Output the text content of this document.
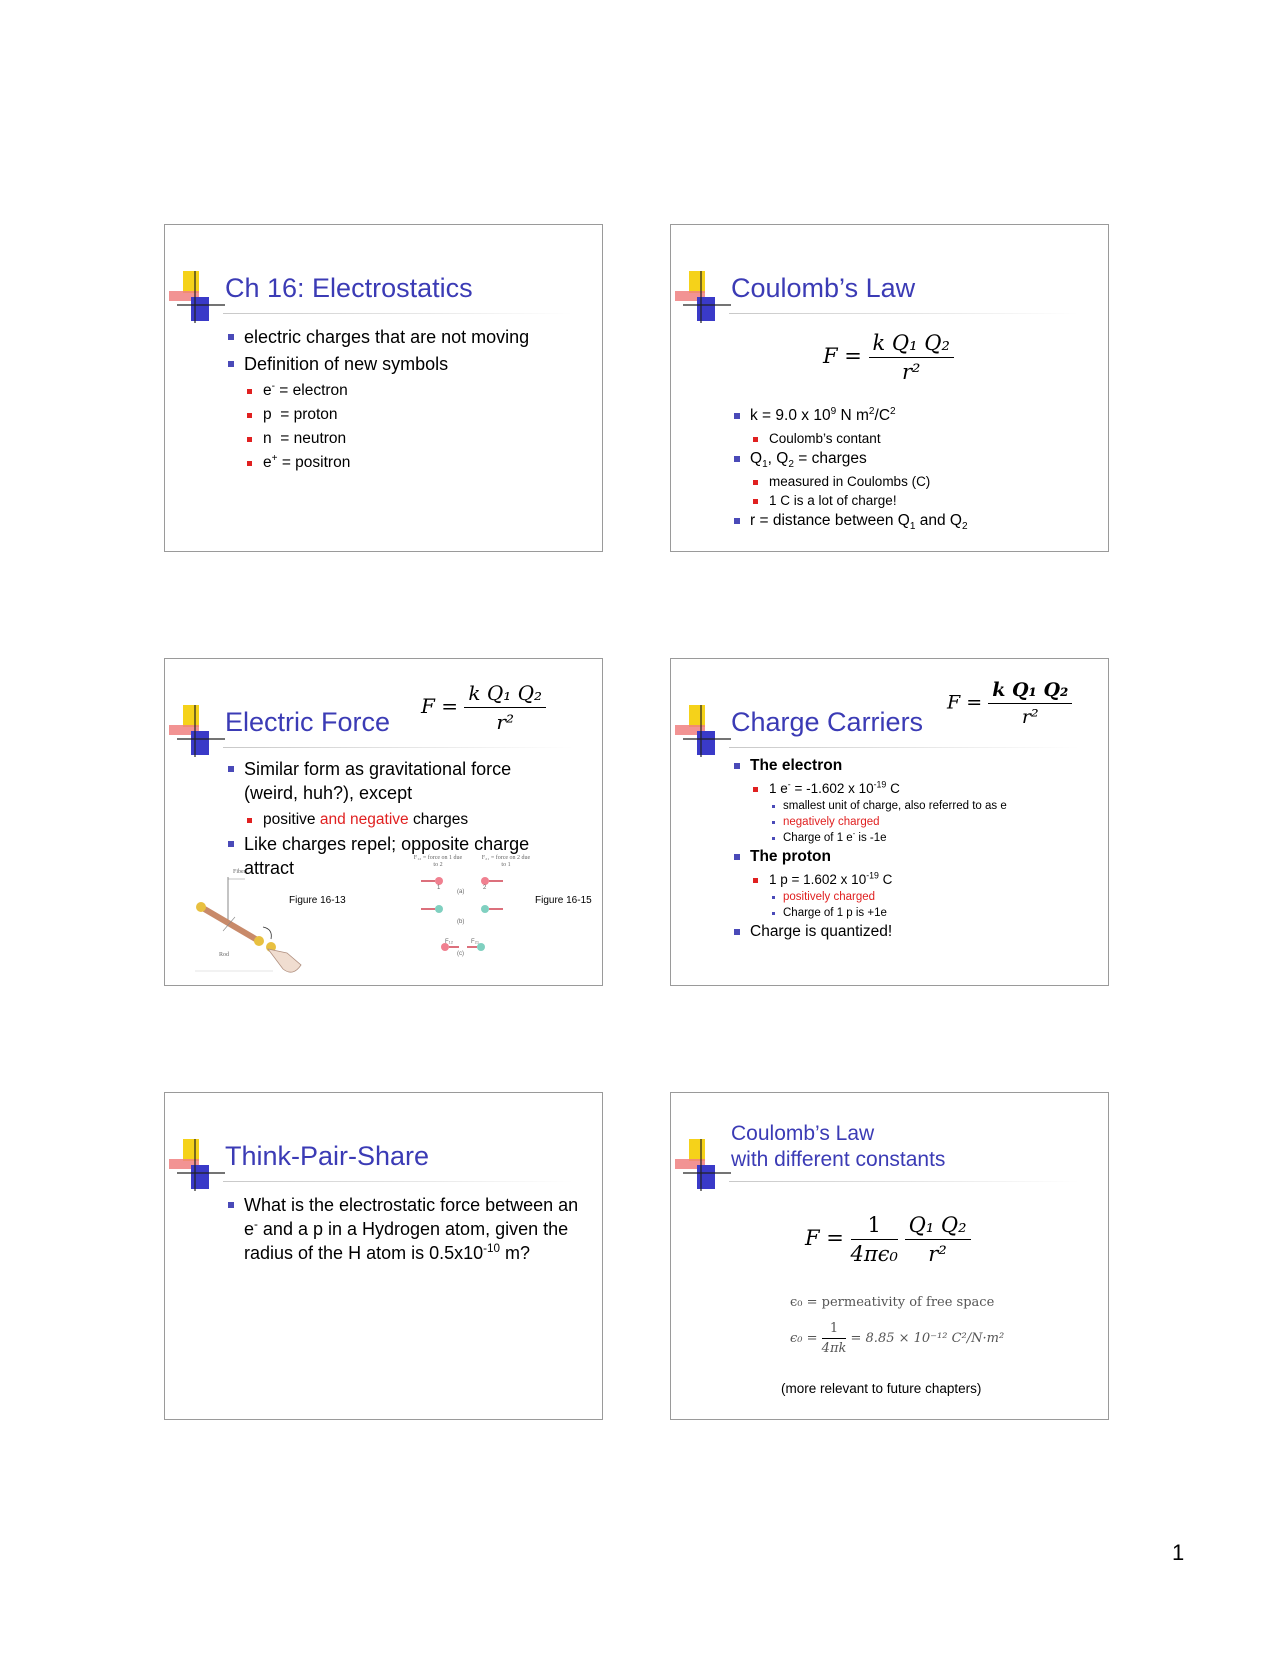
Ch 16: Electrostatics
electric charges that are not moving
Definition of new symbols
e- = electron
p  = proton
n  = neutron
e+ = positron
Coulomb’s Law
$F = \frac{\text{k Q₁ Q₂}}{\text{r²}}$
k = 9.0 x $10^9$ N $m^2/C^2$
Coulomb’s contant
$Q_1$, $Q_2$ = charges
measured in Coulombs (C)
1 C is a lot of charge!
r = distance between $Q_1$ and $Q_2$
Electric Force
$F = \frac{\text{k Q₁ Q₂}}{\text{r²}}$
Similar form as gravitational force (weird, huh?), except
positive and negative charges
Like charges repel; opposite charge attract
Fiber
Rod
Figure 16-13
F₁₂ = force on 1 due to 2
F₂₁ = force on 2 due to 1
(a)
(b)
(c)
F₁₂	F₂₁
1	2
Figure 16-15
Charge Carriers
$F = \frac{\text{k Q₁ Q₂}}{\text{r²}}$
The electron
1 e- = -1.602 x $10^{-19}$ C
smallest unit of charge, also referred to as e
negatively charged
Charge of 1 e- is -1e
The proton
1 p = 1.602 x $10^{-19}$ C
positively charged
Charge of 1 p is +1e
Charge is quantized!
Think-Pair-Share
What is the electrostatic force between an e- and a p in a Hydrogen atom, given the radius of the H atom is $0.5x10^{-10}$ m?
Coulomb’s Law
with different constants
$F = \frac{1}{\text{4πϵ₀}}$
$\frac{\text{Q₁ Q₂}}{\text{r²}}$
ϵ₀ = permeativity of free space
$\epsilon_0 = \frac{1}{4\pi k} = 8.85 \times 10^{-12}$ C²/N·m²
(more relevant to future chapters)
1
